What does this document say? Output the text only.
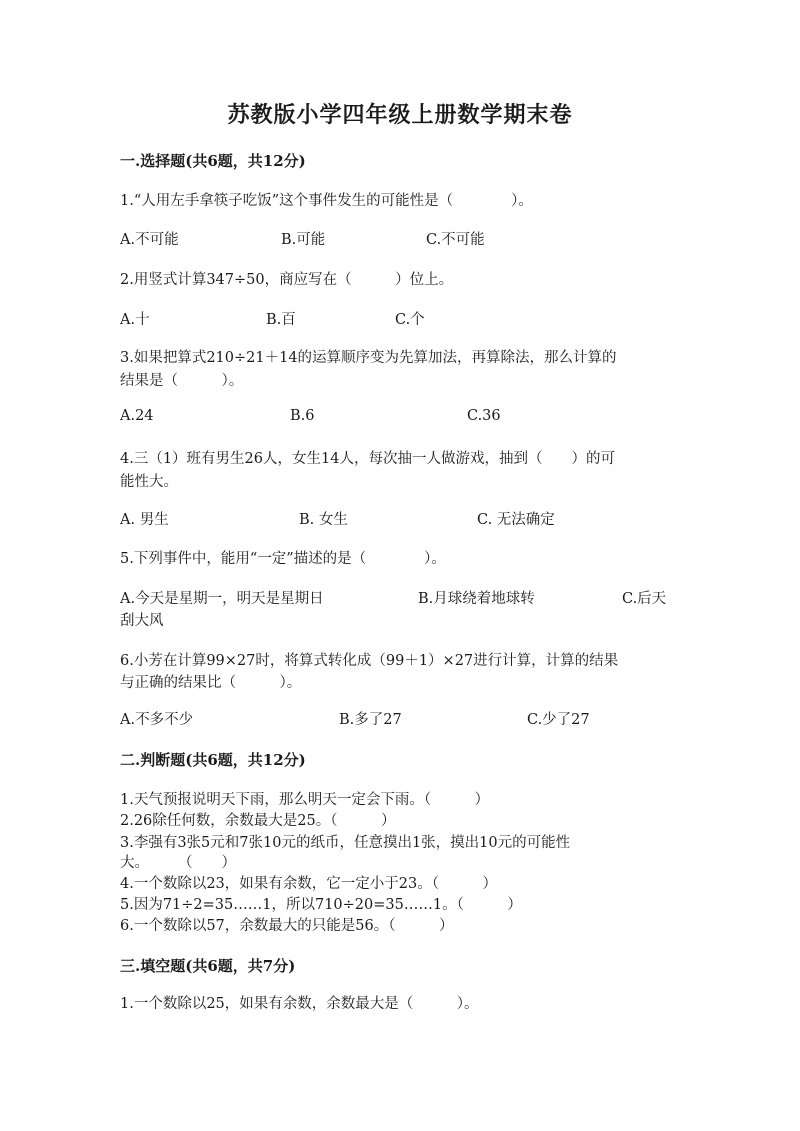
苏教版小学四年级上册数学期末卷
一.选择题(共6题，共12分)
1.“人用左手拿筷子吃饭”这个事件发生的可能性是（　　　　）。
A.不可能	B.可能	C.不可能
2.用竖式计算347÷50，商应写在（　　　）位上。
A.十	B.百	C.个
3.如果把算式210÷21＋14的运算顺序变为先算加法，再算除法，那么计算的
结果是（　　　）。
A.24	B.6	C.36
4.三（1）班有男生26人，女生14人，每次抽一人做游戏，抽到（　　）的可
能性大。
A. 男生	B. 女生	C. 无法确定
5.下列事件中，能用“一定”描述的是（　　　　）。
A.今天是星期一，明天是星期日	B.月球绕着地球转	C.后天
刮大风
6.小芳在计算99×27时，将算式转化成（99＋1）×27进行计算，计算的结果
与正确的结果比（　　　）。
A.不多不少	B.多了27	C.少了27
二.判断题(共6题，共12分)
1.天气预报说明天下雨，那么明天一定会下雨。（　　　）
2.26除任何数，余数最大是25。（　　　）
3.李强有3张5元和7张10元的纸币，任意摸出1张，摸出10元的可能性
大。　　　（　　）
4.一个数除以23，如果有余数，它一定小于23。（　　　）
5.因为71÷2=35……1，所以710÷20=35……1。（　　　）
6.一个数除以57，余数最大的只能是56。（　　　）
三.填空题(共6题，共7分)
1.一个数除以25，如果有余数，余数最大是（　　　）。
